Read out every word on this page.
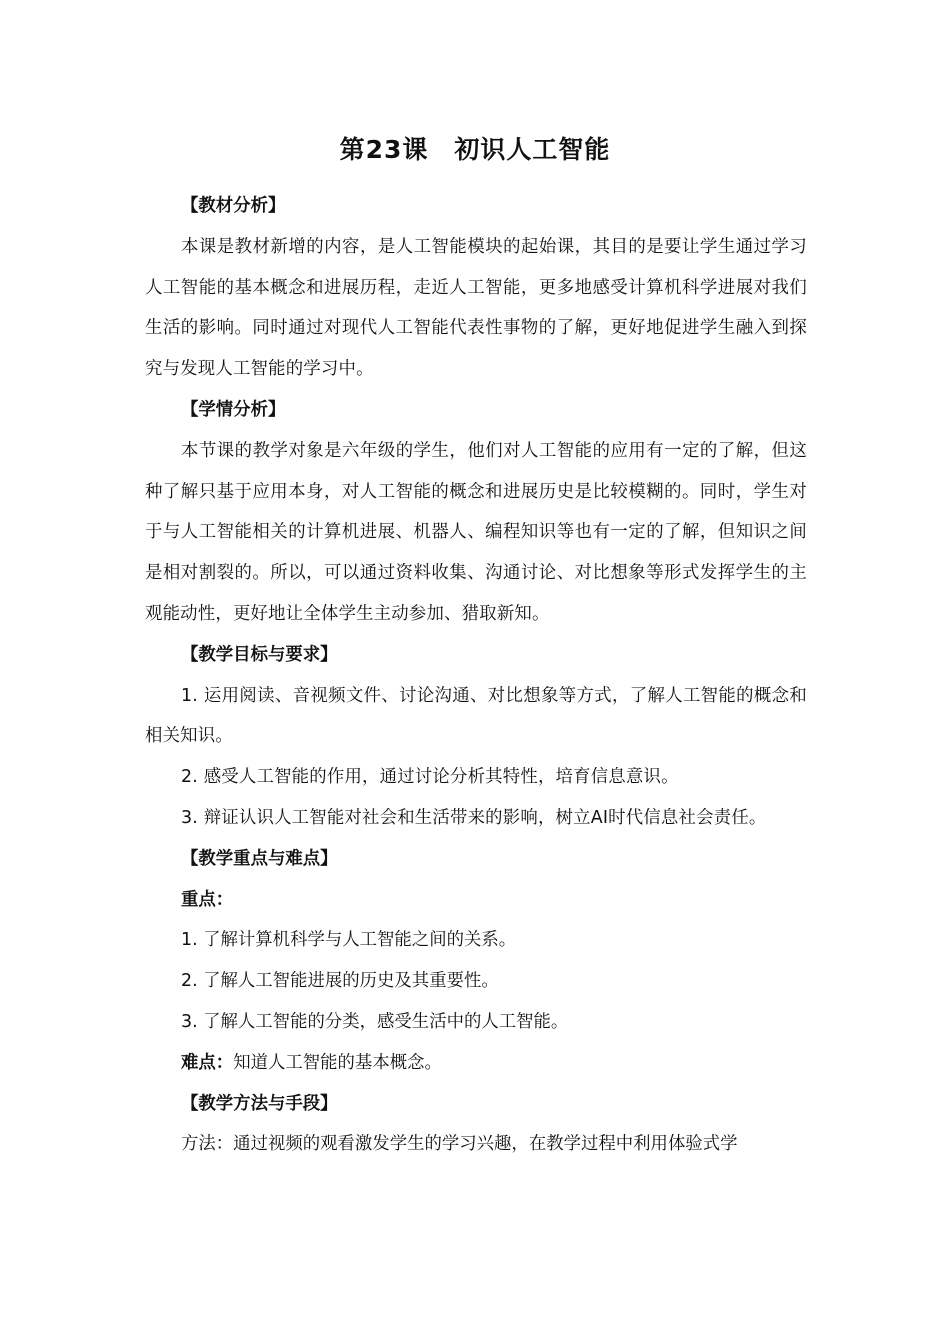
第23课 初识人工智能
【教材分析】
本课是教材新增的内容，是人工智能模块的起始课，其目的是要让学生通过学习人工智能的基本概念和进展历程，走近人工智能，更多地感受计算机科学进展对我们生活的影响。同时通过对现代人工智能代表性事物的了解，更好地促进学生融入到探究与发现人工智能的学习中。
【学情分析】
本节课的教学对象是六年级的学生，他们对人工智能的应用有一定的了解，但这种了解只基于应用本身，对人工智能的概念和进展历史是比较模糊的。同时，学生对于与人工智能相关的计算机进展、机器人、编程知识等也有一定的了解，但知识之间是相对割裂的。所以，可以通过资料收集、沟通讨论、对比想象等形式发挥学生的主观能动性，更好地让全体学生主动参加、猎取新知。
【教学目标与要求】
1. 运用阅读、音视频文件、讨论沟通、对比想象等方式，了解人工智能的概念和相关知识。
2. 感受人工智能的作用，通过讨论分析其特性，培育信息意识。
3. 辩证认识人工智能对社会和生活带来的影响，树立AI时代信息社会责任。
【教学重点与难点】
重点：
1. 了解计算机科学与人工智能之间的关系。
2. 了解人工智能进展的历史及其重要性。
3. 了解人工智能的分类，感受生活中的人工智能。
难点：知道人工智能的基本概念。
【教学方法与手段】
方法：通过视频的观看激发学生的学习兴趣，在教学过程中利用体验式学
